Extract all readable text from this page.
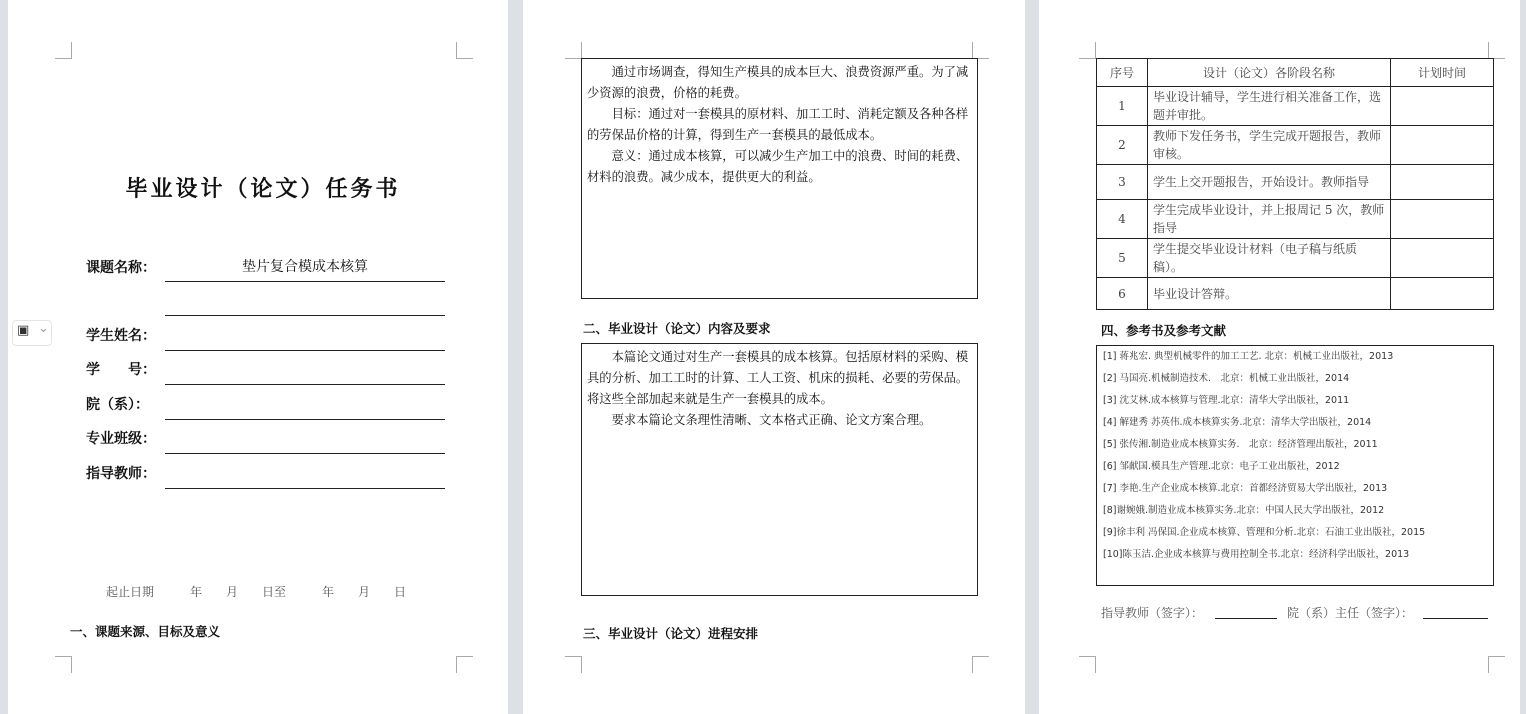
▣ ⌄
毕业设计（论文）任务书
课题名称：	垫片复合模成本核算
学生姓名：
学　　号：
院（系）：
专业班级：
指导教师：
起止日期　　　年　　月　　日至　　　年　　月　　日
一、课题来源、目标及意义

通过市场调查，得知生产模具的成本巨大、浪费资源严重。为了减少资源的浪费，价格的耗费。

目标：通过对一套模具的原材料、加工工时、消耗定额及各种各样的劳保品价格的计算，得到生产一套模具的最低成本。

意义：通过成本核算，可以减少生产加工中的浪费、时间的耗费、材料的浪费。减少成本，提供更大的利益。

二、毕业设计（论文）内容及要求

本篇论文通过对生产一套模具的成本核算。包括原材料的采购、模具的分析、加工工时的计算、工人工资、机床的损耗、必要的劳保品。将这些全部加起来就是生产一套模具的成本。

要求本篇论文条理性清晰、文本格式正确、论文方案合理。

三、毕业设计（论文）进程安排
序号	设计（论文）各阶段名称	计划时间
1	毕业设计辅导，学生进行相关准备工作，选题并审批。	
2	教师下发任务书，学生完成开题报告，教师审核。	
3	学生上交开题报告，开始设计。教师指导	
4	学生完成毕业设计，并上报周记 5 次，教师指导	
5	学生提交毕业设计材料（电子稿与纸质稿）。	
6	毕业设计答辩。	
四、参考书及参考文献
[1] 蒋兆宏. 典型机械零件的加工工艺. 北京：机械工业出版社，2013
[2] 马国亮.机械制造技术.　北京：机械工业出版社，2014
[3] 沈艾林.成本核算与管理.北京：清华大学出版社，2011
[4] 解建秀 苏英伟.成本核算实务.北京：清华大学出版社，2014
[5] 张传湘.制造业成本核算实务.　北京：经济管理出版社，2011
[6] 邹献国.模具生产管理.北京：电子工业出版社，2012
[7] 李艳.生产企业成本核算.北京：首都经济贸易大学出版社，2013
[8]谢婉娥.制造业成本核算实务.北京：中国人民大学出版社，2012
[9]徐丰利 冯保国.企业成本核算、管理和分析.北京：石油工业出版社，2015
[10]陈玉洁.企业成本核算与费用控制全书.北京：经济科学出版社，2013
指导教师（签字）：	院（系）主任（签字）：
